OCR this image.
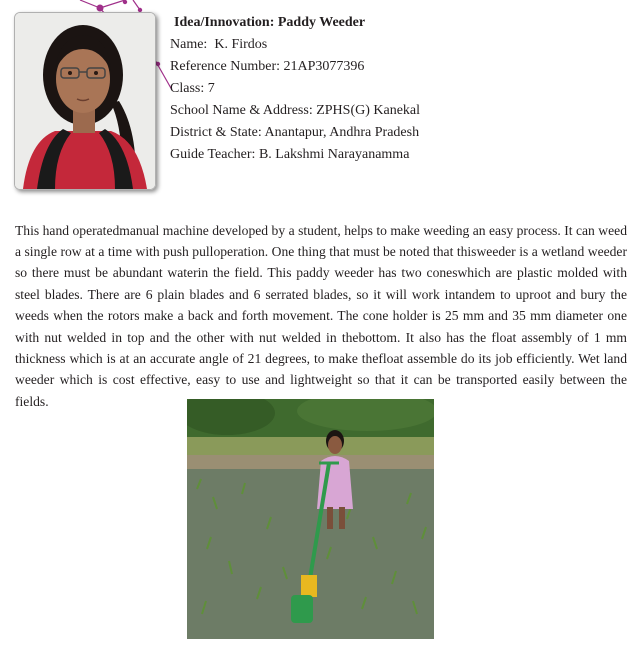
Idea/Innovation: Paddy Weeder
Name: K. Firdos
Reference Number: 21AP3077396
Class: 7
School Name & Address: ZPHS(G) Kanekal
District & State: Anantapur, Andhra Pradesh
Guide Teacher: B. Lakshmi Narayanamma

This hand operatedmanual machine developed by a student, helps to make weeding an easy process. It can weed a single row at a time with push pulloperation. One thing that must be noted that thisweeder is a wetland weeder so there must be abundant waterin the field. This paddy weeder has two coneswhich are plastic molded with steel blades. There are 6 plain blades and 6 serrated blades, so it will work intandem to uproot and bury the weeds when the rotors make a back and forth movement. The cone holder is 25 mm and 35 mm diameter one with nut welded in top and the other with nut welded in thebottom. It also has the float assembly of 1 mm thickness which is at an accurate angle of 21 degrees, to make thefloat assemble do its job efficiently. Wet land weeder which is cost effective, easy to use and lightweight so that it can be transported easily between the fields.
